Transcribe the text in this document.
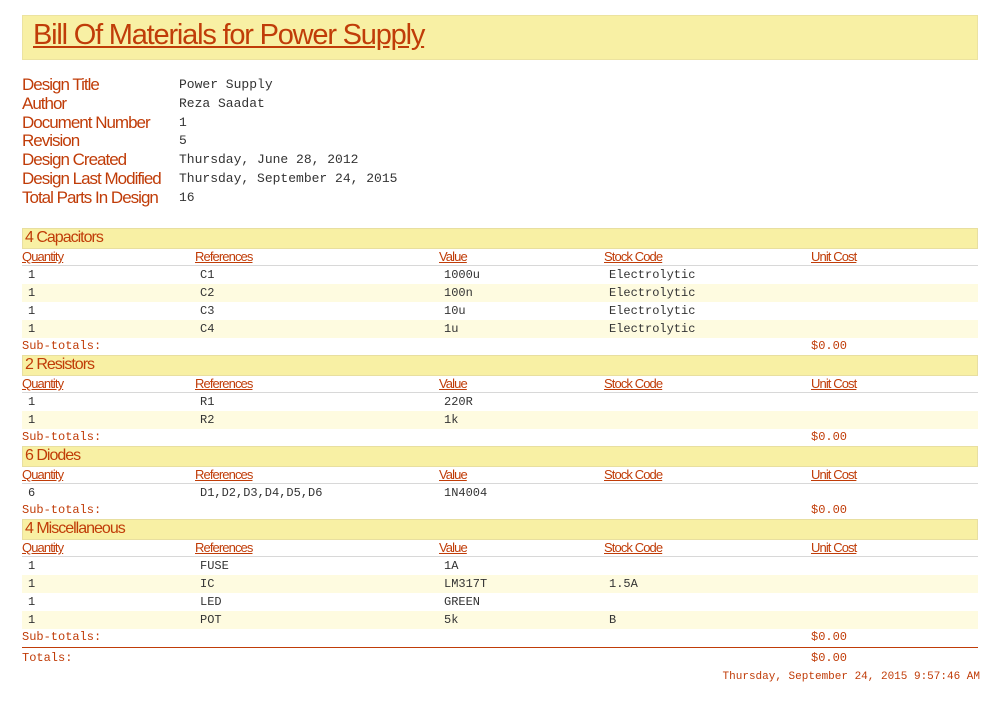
Bill Of Materials for Power Supply
Design Title	Power Supply
Author	Reza Saadat
Document Number 1
Revision	5
Design Created	Thursday, June 28, 2012
Design Last Modified Thursday, September 24, 2015
Total Parts In Design 16
4 Capacitors
Quantity	References	Value	Stock Code	Unit Cost
1	C1	1000u	Electrolytic
1	C2	100n	Electrolytic
1	C3	10u	Electrolytic
1	C4	1u	Electrolytic
Sub-totals:	$0.00
2 Resistors
Quantity	References	Value	Stock Code	Unit Cost
1	R1	220R
1	R2	1k
Sub-totals:	$0.00
6 Diodes
Quantity	References	Value	Stock Code	Unit Cost
6	D1,D2,D3,D4,D5,D6	1N4004
Sub-totals:	$0.00
4 Miscellaneous
Quantity	References	Value	Stock Code	Unit Cost
1	FUSE	1A
1	IC	LM317T	1.5A
1	LED	GREEN
1	POT	5k	B
Sub-totals:	$0.00
Totals:	$0.00
Thursday, September 24, 2015 9:57:46 AM
